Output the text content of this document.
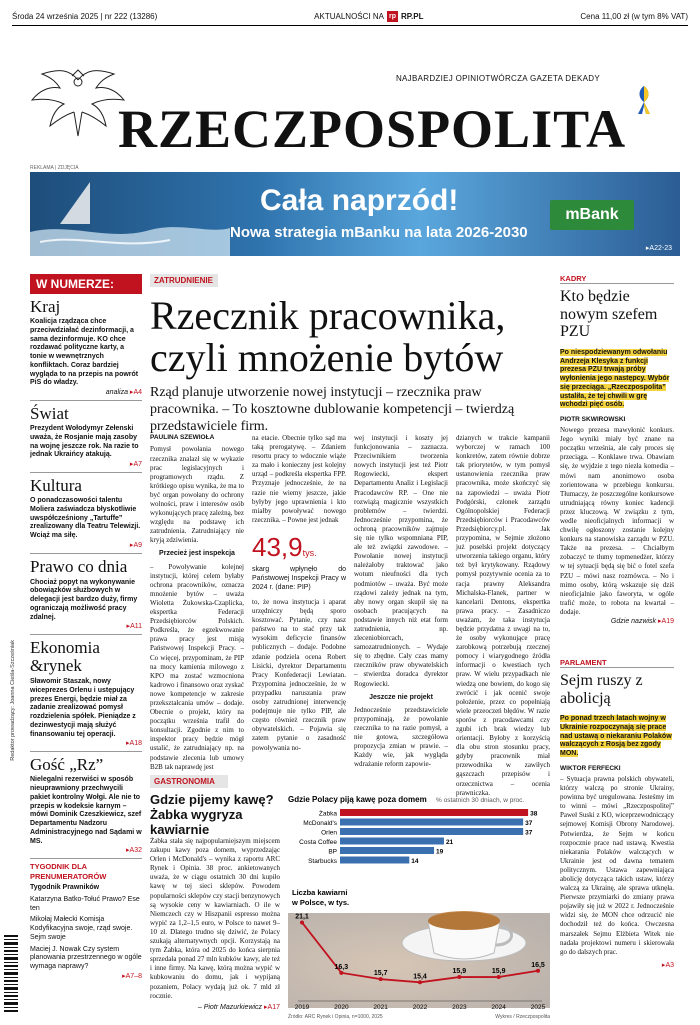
Środa 24 września 2025 | nr 222 (13286)	AKTUALNOŚCI NA rp RP.PL	Cena 11,00 zł (w tym 8% VAT)
NAJBARDZIEJ OPINIOTWÓRCZA GAZETA DEKADY
RZECZPOSPOLITA
REKLAMA | ZDJĘCIA
Cała naprzód!
Nowa strategia mBanku na lata 2026-2030
mBank
▸A22-23
Redaktor prowadzący: Joanna Cieśla-Szcześniak
W NUMERZE:
Kraj
Koalicja rządząca chce przeciwdziałać dezinformacji, a sama dezinformuje. KO chce rozdawać polityczne karty, a tonie w wewnętrznych konfliktach. Coraz bardziej wygląda to na przepis na powrót PiS do władzy.
analiza ▸A4
Świat
Prezydent Wołodymyr Zełenski uważa, że Rosjanie mają zasoby na wojnę jeszcze rok. Na razie to jednak Ukraińcy atakują.
▸A7
Kultura
O ponadczasowości talentu Moliera zaświadcza błyskotliwie uwspółcześniony „Tartuffe” zrealizowany dla Teatru Telewizji. Wciąż ma siłę.
▸A9
Prawo co dnia
Chociaż popyt na wykonywanie obowiązków służbowych w delegacji jest bardzo duży, firmy ograniczają możliwość pracy zdalnej.
▸A11
Ekonomia &rynek
Sławomir Staszak, nowy wiceprezes Orlenu i ustępujący prezes Energi, będzie miał za zadanie zrealizować pomysł rozdzielenia spółek. Pieniądze z dezinwestycji mają służyć finansowaniu tej operacji.
▸A18
Gość „Rz”
Nielegalni rezerwiści w sposób nieuprawniony przechwycili pakiet kontrolny Wołgi. Ale nie to przepis w kodeksie karnym – mówi Dominik Czeszkiewicz, szef Departamentu Nadzoru Administracyjnego nad Sądami w MS.
▸A32
TYGODNIK DLA PRENUMERATORÓW
Tygodnik Prawników
Katarzyna Batko-Tołuć Prawo? Ese ten
Mikołaj Małecki Komisja Kodyfikacyjna swoje, rząd swoje. Sejm swoje
Maciej J. Nowak Czy system planowania przestrzennego w ogóle wymaga naprawy?
▸A7–8
ZATRUDNIENIE
Rzecznik pracownika, czyli mnożenie bytów
Rząd planuje utworzenie nowej instytucji – rzecznika praw pracownika. – To kosztowne dublowanie kompetencji – twierdzą przedstawiciele firm.
PAULINA SZEWIOŁA
Pomysł powołania nowego rzecznika znalazł się w wykazie prac legislacyjnych i programowych rządu. Z krótkiego opisu wynika, że ma to być organ powołany do ochrony wolności, praw i interesów osób wykonujących pracę zależną, bez względu na podstawę ich zatrudnienia. Zatrudniający nie kryją zdziwienia.
Przecież jest inspekcja
– Powoływanie kolejnej instytucji, której celem byłaby ochrona pracowników, oznacza mnożenie bytów – uważa Wioletta Żukowska-Czaplicka, ekspertka Federacji Przedsiębiorców Polskich. Podkreśla, że egzekwowanie prawa pracy jest misją Państwowej Inspekcji Pracy. – Co więcej, przypominam, że PIP na mocy kamienia milowego z KPO ma zostać wzmocniona kadrowo i finansowo oraz zyskać nowe kompetencje w zakresie przekształcania umów – dodaje. Obecnie o projekt, który na początku września trafił do konsultacji. Zgodnie z nim to inspektor pracy będzie mógł ustalić, że zatrudniający np. na podstawie zlecenia lub umowy B2B tak naprawdę jest
na etacie. Obecnie tylko sąd ma taką prerogatywę. – Zdaniem resortu pracy to wdocznie wiąże za mało i konieczny jest kolejny urząd – podkreśla ekspertka FPP. Przyznaje jednocześnie, że na razie nie wiemy jeszcze, jakie byłyby jego uprawnienia i kto miałby powoływać nowego rzecznika. – Powne jest jednak
43,9tys.
skarg wpłynęło do Państwowej Inspekcji Pracy w 2024 r. (dane: PIP)
to, że nowa instytucja i aparat urzędniczy będą sporo kosztować. Pytanie, czy nasz państwo na to stać przy tak wysokim deficycie finansów publicznych – dodaje. Podobne zdanie podziela ocena Robert Lisicki, dyrektor Departamentu Pracy Konfederacji Lewiatan. Przypomina jednocześnie, że w przypadku naruszania praw osoby zatrudnionej interwencję podejmuje nie tylko PIP, ale często również rzecznik praw obywatelskich. – Pojawia się zatem pytanie o zasadność powoływania no-
wej instytucji i koszty jej funkcjonowania – zaznacza. Przeciwnikiem tworzenia nowych instytucji jest też Piotr Rogowiecki, ekspert Departamentu Analiz i Legislacji Pracodawców RP. – One nie rozwiążą magicznie wszystkich problemów – twierdzi. Jednocześnie przypomina, że ochroną pracowników zajmuje się nie tylko wspomniana PIP, ale też związki zawodowe. – Powołanie nowej instytucji należałoby traktować jako wotum nieufności dla tych podmiotów – uważa. Być może rządowi zależy jednak na tym, aby nowy organ skupił się na osobach pracujących na podstawie innych niż etat form zatrudnienia, np. zleceniobiorcach, samozatrudnionych. – Wydaje się to zbędne. Cały czas mamy rzeczników praw obywatelskich – stwierdza doradca dyrektor Rogowiecki.
Jeszcze nie projekt
Jednocześnie przedstawiciele przypominają, że powołanie rzecznika to na razie pomysł, a nie gotowa, szczegółowa propozycja zmian w prawie. – Każdy wie, jak wygląda wdrażanie reform zapowie-
dzianych w trakcie kampanii wyborczej w ramach 100 konkretów, zatem równie dobrze tak priorytetów, w tym pomysł ustanowienia rzecznika praw pracownika, może skończyć się na zapowiedzi – uważa Piotr Podgórski, członek zarządu Ogólnopolskiej Federacji Przedsiębiorców i Pracodawców Przedsiębiorcy.pl. Jak przypomina, w Sejmie złożono już poselski projekt dotyczący utworzenia takiego organu, który też był krytykowany. Rządowy pomysł pozytywnie ocenia za to racja prawny Aleksandra Michalska-Flanek, partner w kancelarii Dentons, ekspertka prawa pracy. – Zasadniczo uważam, że taka instytucja będzie przydatna z uwagi na to, że osoby wykonujące pracę zarobkową potrzebują rzecznej pomocy i wiarygodnego źródła informacji o kwestiach tych praw. W wielu przypadkach nie wiedzą one bowiem, do kogo się zwrócić i jak ocenić swoje położenie, przez co popełniają wiele przeoczeń błędów. W razie sporów z pracodawcami czy zgubi ich brak wiedzy lub orientacji. Byłoby z korzyścią dla obu stron stosunku pracy, gdyby pracownik miał przewodnika w zawiłych gąszczach przepisów i orzecznictwa – ocenia prawniczka.
KADRY
Kto będzie nowym szefem PZU
Po niespodziewanym odwołaniu Andrzeja Klesyka z funkcji prezesa PZU trwają próby wyłonienia jego następcy. Wybór się przeciąga. „Rzeczpospolita” ustaliła, że tej chwili w grę wchodzi pięć osób.
PIOTR SKWIROWSKI
Nowego prezesa mawyłonić konkurs. Jego wyniki miały być znane na początku września, ale cały proces się przeciąga. – Konklawe trwa. Obawiam się, że wyjdzie z tego niezła komedia – mówi nam anonimowo osoba zorientowana w przebiegu konkursu. Tłumaczy, że poszczególne konkursowe utrudniającą równy koniec kadencji przez kluczową. W związku z tym, wedle nieoficjalnych informacji w chwilę ogłoszony zostanie kolejny konkurs na stanowiska zarządu w PZU. Także na prezesa. – Chciałbym zobaczyć te tłumy topmenedżer, którzy w tej sytuacji będą się bić o fotel szefa PZU – mówi nasz rozmówca. – No i mimo osoby, którą wskazuje się dziś nieoficjalnie jako faworyta, w ogóle trafić może, to robota na kwartał – dodaje.
Gdzie nazwisk ▸A19
PARLAMENT
Sejm ruszy z abolicją
Po ponad trzech latach wojny w Ukrainie rozpoczynają się prace nad ustawą o niekaraniu Polaków walczących z Rosją bez zgody MON.
WIKTOR FERFECKI
– Sytuacja prawna polskich obywateli, którzy walczą po stronie Ukrainy, powinna być uregulowana. Jesteśmy im to winni – mówi „Rzeczpospolitej” Paweł Suski z KO, wiceprzewodniczący sejmowej Komisji Obrony Narodowej. Potwierdza, że Sejm w końcu rozpocznie prace nad ustawą. Kwestia niekarania Polaków walczących w Ukrainie jest od dawna tematem politycznym. Ustawa zapewniająca abolicję dotycząca takich ustaw, którzy walczą za Ukrainę, ale sprawa utknęła. Pierwsze przymiarki do zmiany prawa pojawiły się już w 2022 r. Jednocześnie widzi się, że MON chce odrzucić nie dochodził też do końca. Owczesna marszałek Sejmu Elżbieta Witek nie nadała projektowi numeru i skierowała go do dalszych prac.
▸A3
GASTRONOMIA
Gdzie pijemy kawę? Żabka wygryza kawiarnie
Żabka stała się najpopularniejszym miejscem zakupu kawy poza domem, wyprzedzając Orlen i McDonald's – wynika z raportu ARC Rynek i Opinia. 38 proc. ankietowanych uważa, że w ciągu ostatnich 30 dni kupiło kawę w tej sieci sklepów. Powodem popularności sklepów czy stacji benzynowych są wysokie ceny w kawiarniach. O ile w Niemczech czy w Hiszpanii espresso można wypić za 1,2–1,5 euro, w Polsce to nawet 9–10 zł. Dlatego trudno się dziwić, że Polacy szukają alternatywnych opcji. Korzystają na tym Żabka, która od 2025 do końca sierpnia sprzedała ponad 27 mln kubków kawy, ale też i inne firmy. Na kawę, którą można wypić w kubkowaniu do domu, jak i wypijaną pozaniem, Polacy wydają już ok. 7 mld zł rocznie.
– Piotr Mazurkiewicz ▸A17
Gdzie Polacy piją kawę poza domem % ostatnich 30 dniach, w proc.
Żabka	38
McDonald's	37
Orlen	37
Costa Coffee	21
BP	19
Starbucks	14
Liczba kawiarni
w Polsce, w tys.
21,1
2019
16,3
2020
15,7
2021
15,4
2022
15,9
2023
15,9
2024
16,5
2025
Źródło: ARC Rynek i Opinia, n=1000, 2025	Wykres / Rzeczpospolita
